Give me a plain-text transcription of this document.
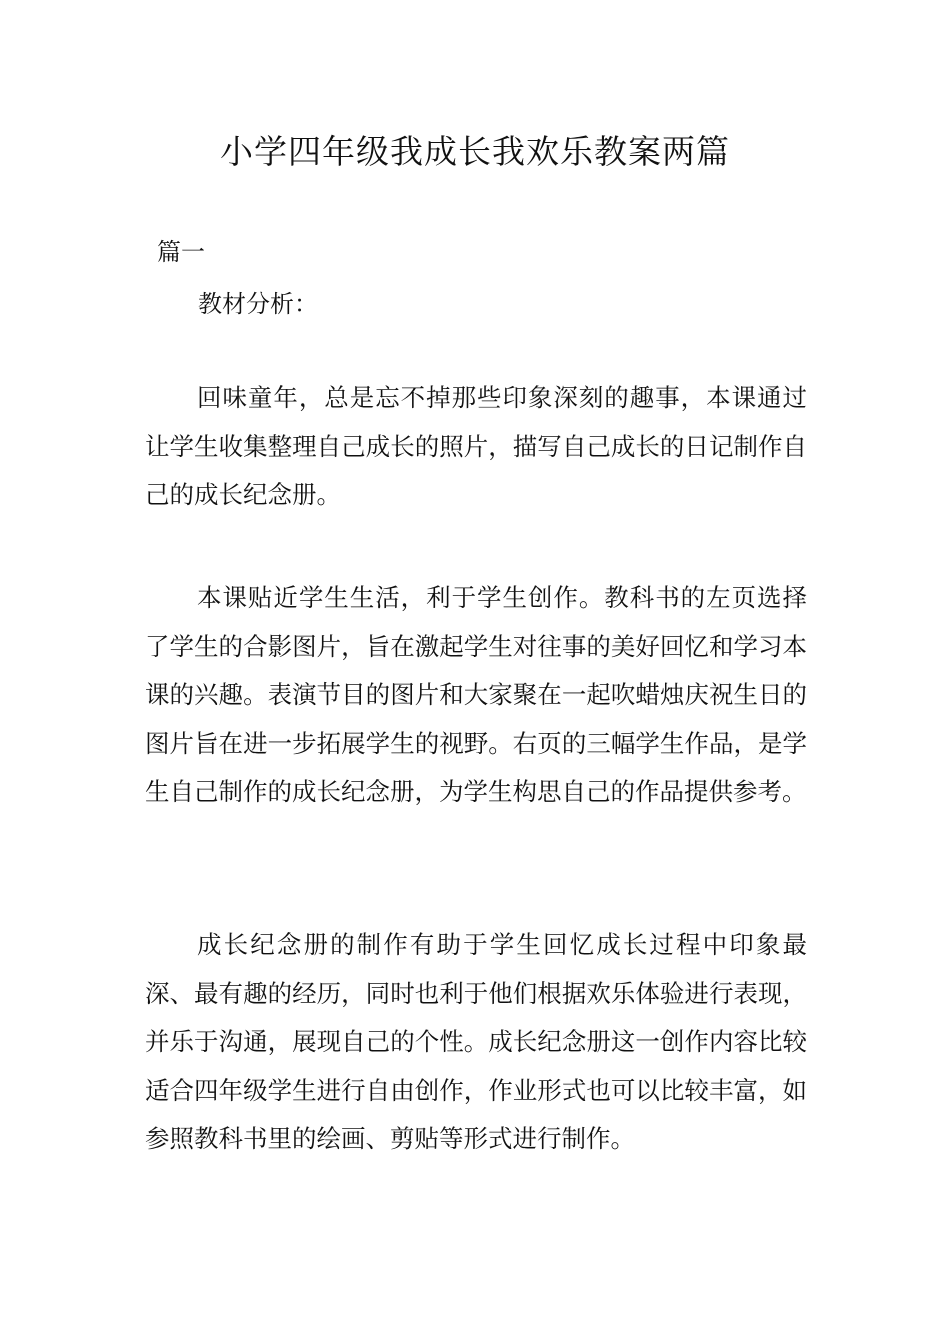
小学四年级我成长我欢乐教案两篇

篇一

教材分析：

回味童年，总是忘不掉那些印象深刻的趣事，本课通过让学生收集整理自己成长的照片，描写自己成长的日记制作自己的成长纪念册。

本课贴近学生生活，利于学生创作。教科书的左页选择了学生的合影图片，旨在激起学生对往事的美好回忆和学习本课的兴趣。表演节目的图片和大家聚在一起吹蜡烛庆祝生日的图片旨在进一步拓展学生的视野。右页的三幅学生作品，是学生自己制作的成长纪念册，为学生构思自己的作品提供参考。

成长纪念册的制作有助于学生回忆成长过程中印象最深、最有趣的经历，同时也利于他们根据欢乐体验进行表现，并乐于沟通，展现自己的个性。成长纪念册这一创作内容比较适合四年级学生进行自由创作，作业形式也可以比较丰富，如参照教科书里的绘画、剪贴等形式进行制作。
